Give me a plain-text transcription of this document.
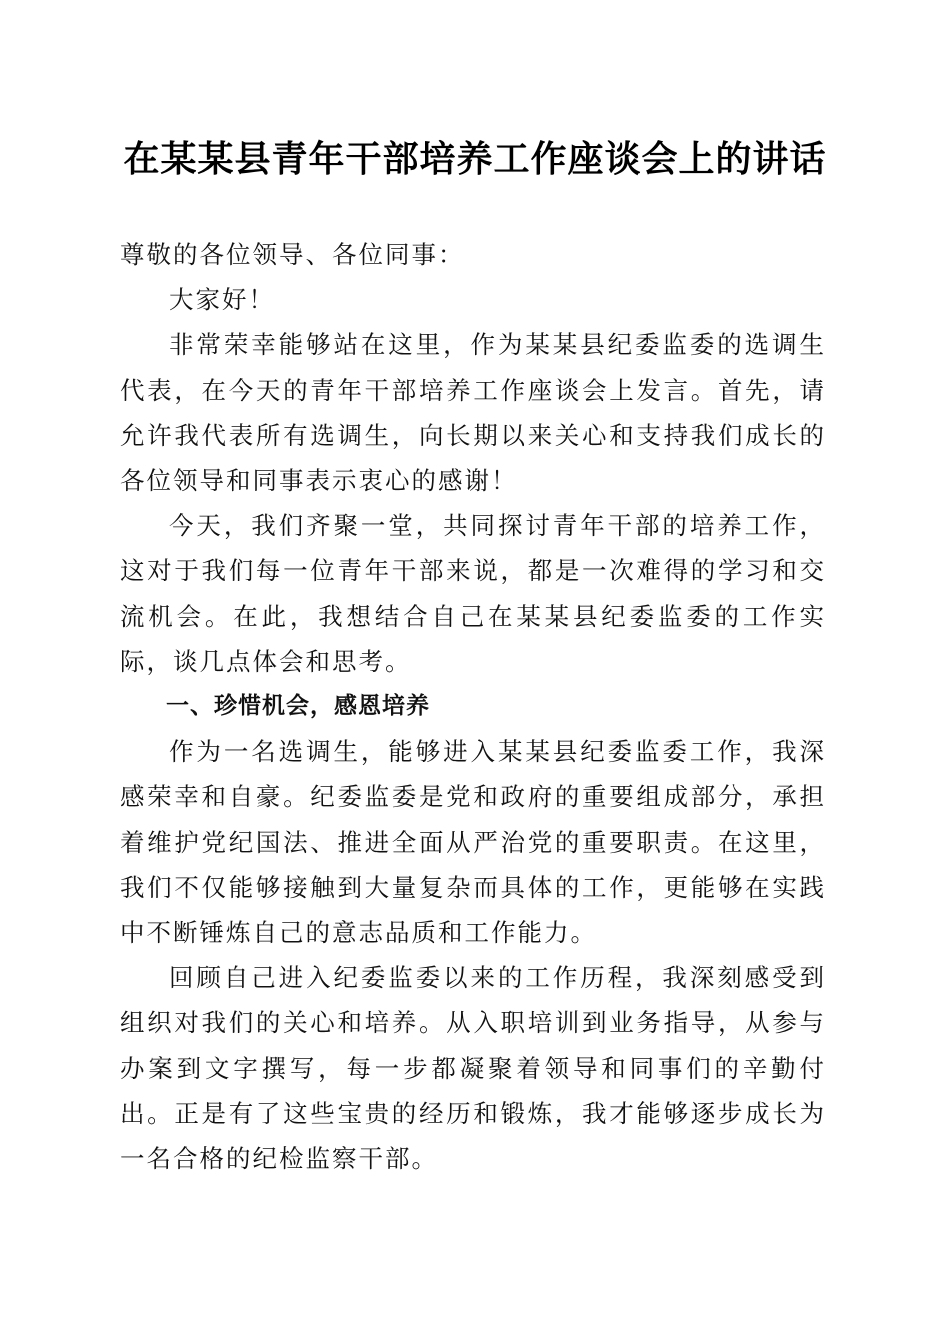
在某某县青年干部培养工作座谈会上的讲话

尊敬的各位领导、各位同事：

大家好！

非常荣幸能够站在这里，作为某某县纪委监委的选调生代表，在今天的青年干部培养工作座谈会上发言。首先，请允许我代表所有选调生，向长期以来关心和支持我们成长的各位领导和同事表示衷心的感谢！

今天，我们齐聚一堂，共同探讨青年干部的培养工作，这对于我们每一位青年干部来说，都是一次难得的学习和交流机会。在此，我想结合自己在某某县纪委监委的工作实际，谈几点体会和思考。

一、珍惜机会，感恩培养

作为一名选调生，能够进入某某县纪委监委工作，我深感荣幸和自豪。纪委监委是党和政府的重要组成部分，承担着维护党纪国法、推进全面从严治党的重要职责。在这里，我们不仅能够接触到大量复杂而具体的工作，更能够在实践中不断锤炼自己的意志品质和工作能力。

回顾自己进入纪委监委以来的工作历程，我深刻感受到组织对我们的关心和培养。从入职培训到业务指导，从参与办案到文字撰写，每一步都凝聚着领导和同事们的辛勤付出。正是有了这些宝贵的经历和锻炼，我才能够逐步成长为一名合格的纪检监察干部。
